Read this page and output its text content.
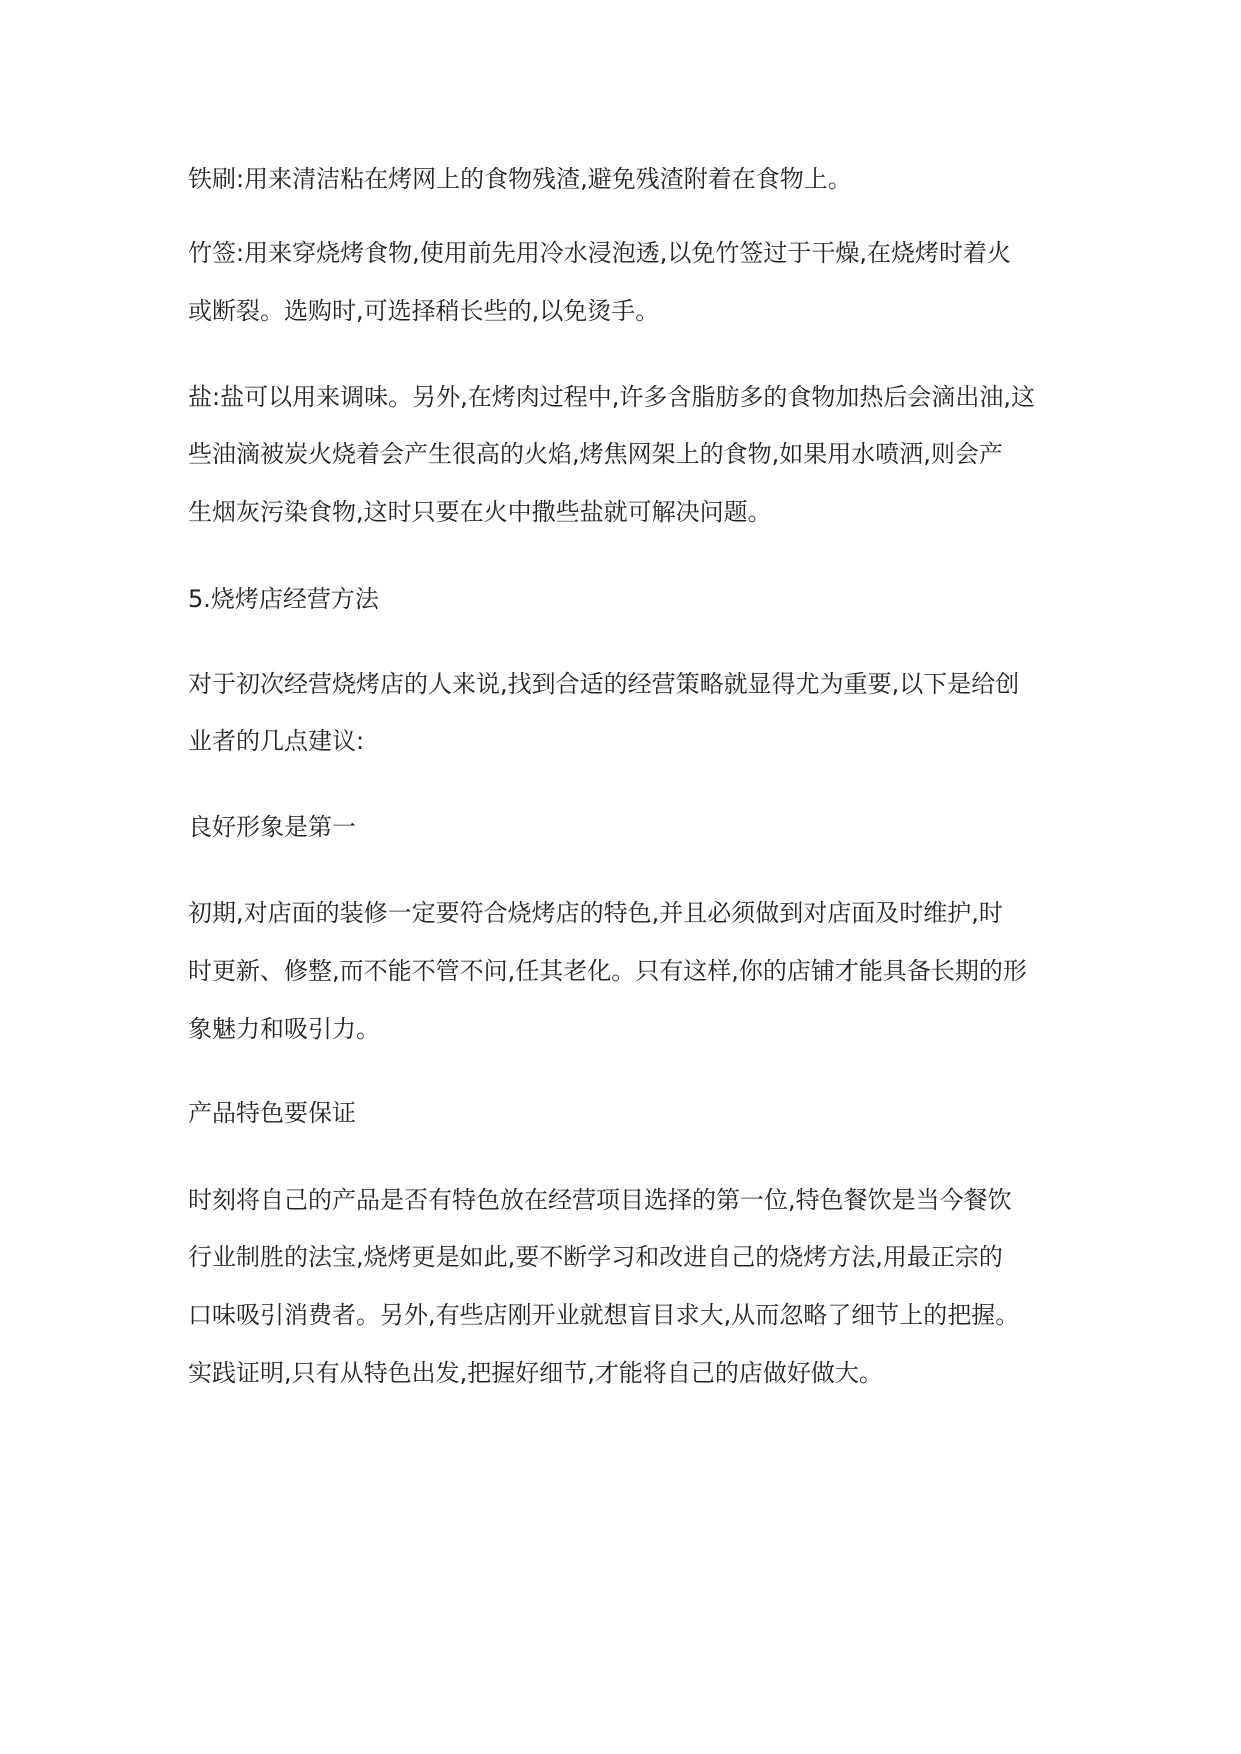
铁刷:用来清洁粘在烤网上的食物残渣,避免残渣附着在食物上。
竹签:用来穿烧烤食物,使用前先用冷水浸泡透,以免竹签过于干燥,在烧烤时着火
或断裂。选购时,可选择稍长些的,以免烫手。
盐:盐可以用来调味。另外,在烤肉过程中,许多含脂肪多的食物加热后会滴出油,这
些油滴被炭火烧着会产生很高的火焰,烤焦网架上的食物,如果用水喷洒,则会产
生烟灰污染食物,这时只要在火中撒些盐就可解决问题。
5.烧烤店经营方法
对于初次经营烧烤店的人来说,找到合适的经营策略就显得尤为重要,以下是给创
业者的几点建议:
良好形象是第一
初期,对店面的装修一定要符合烧烤店的特色,并且必须做到对店面及时维护,时
时更新、修整,而不能不管不问,任其老化。只有这样,你的店铺才能具备长期的形
象魅力和吸引力。
产品特色要保证
时刻将自己的产品是否有特色放在经营项目选择的第一位,特色餐饮是当今餐饮
行业制胜的法宝,烧烤更是如此,要不断学习和改进自己的烧烤方法,用最正宗的
口味吸引消费者。另外,有些店刚开业就想盲目求大,从而忽略了细节上的把握。
实践证明,只有从特色出发,把握好细节,才能将自己的店做好做大。
